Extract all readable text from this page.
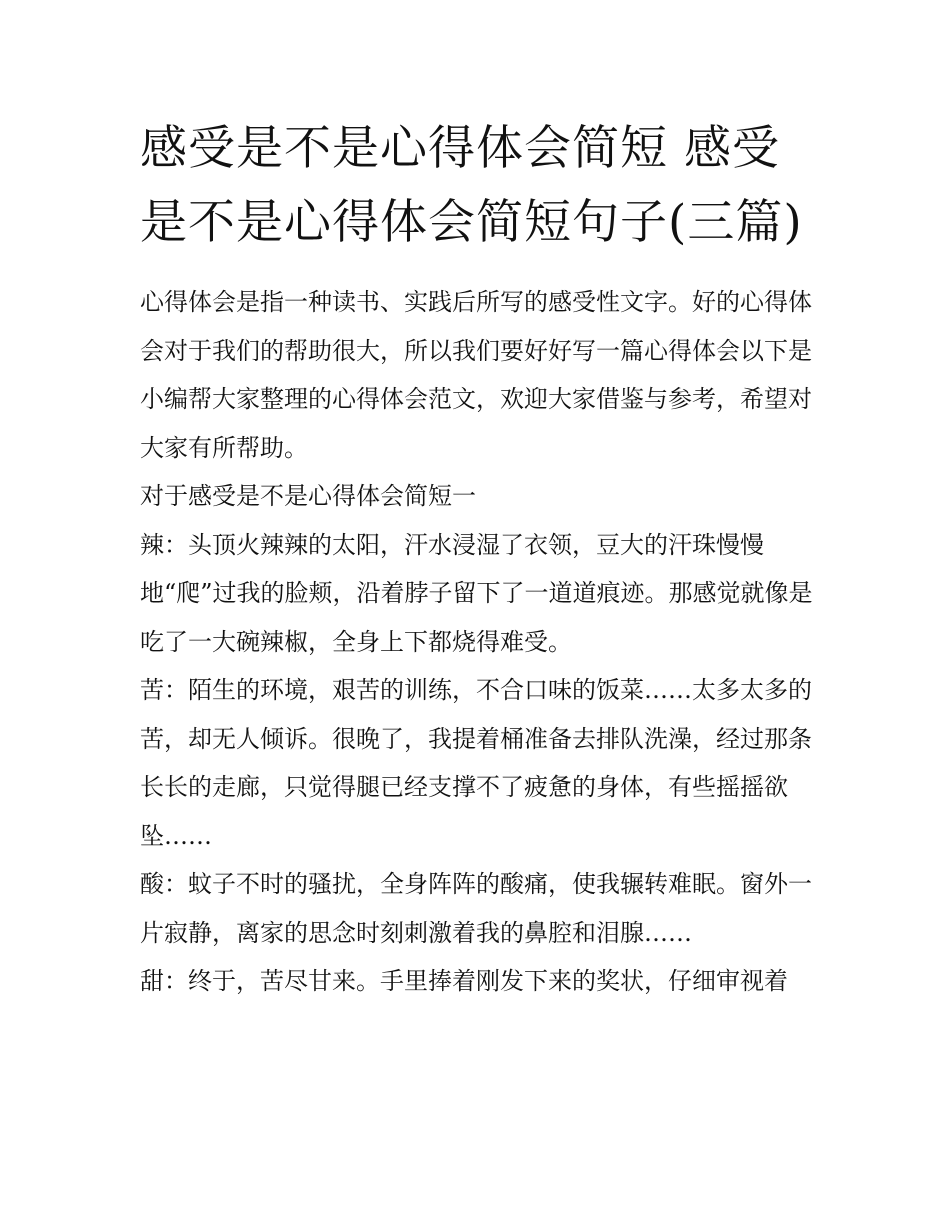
感受是不是心得体会简短 感受是不是心得体会简短句子(三篇)

心得体会是指一种读书、实践后所写的感受性文字。好的心得体会对于我们的帮助很大，所以我们要好好写一篇心得体会以下是小编帮大家整理的心得体会范文，欢迎大家借鉴与参考，希望对大家有所帮助。

对于感受是不是心得体会简短一

辣：头顶火辣辣的太阳，汗水浸湿了衣领，豆大的汗珠慢慢地“爬”过我的脸颊，沿着脖子留下了一道道痕迹。那感觉就像是吃了一大碗辣椒，全身上下都烧得难受。

苦：陌生的环境，艰苦的训练，不合口味的饭菜……太多太多的苦，却无人倾诉。很晚了，我提着桶准备去排队洗澡，经过那条长长的走廊，只觉得腿已经支撑不了疲惫的身体，有些摇摇欲坠……

酸：蚊子不时的骚扰，全身阵阵的酸痛，使我辗转难眠。窗外一片寂静，离家的思念时刻刺激着我的鼻腔和泪腺……

甜：终于，苦尽甘来。手里捧着刚发下来的奖状，仔细审视着
